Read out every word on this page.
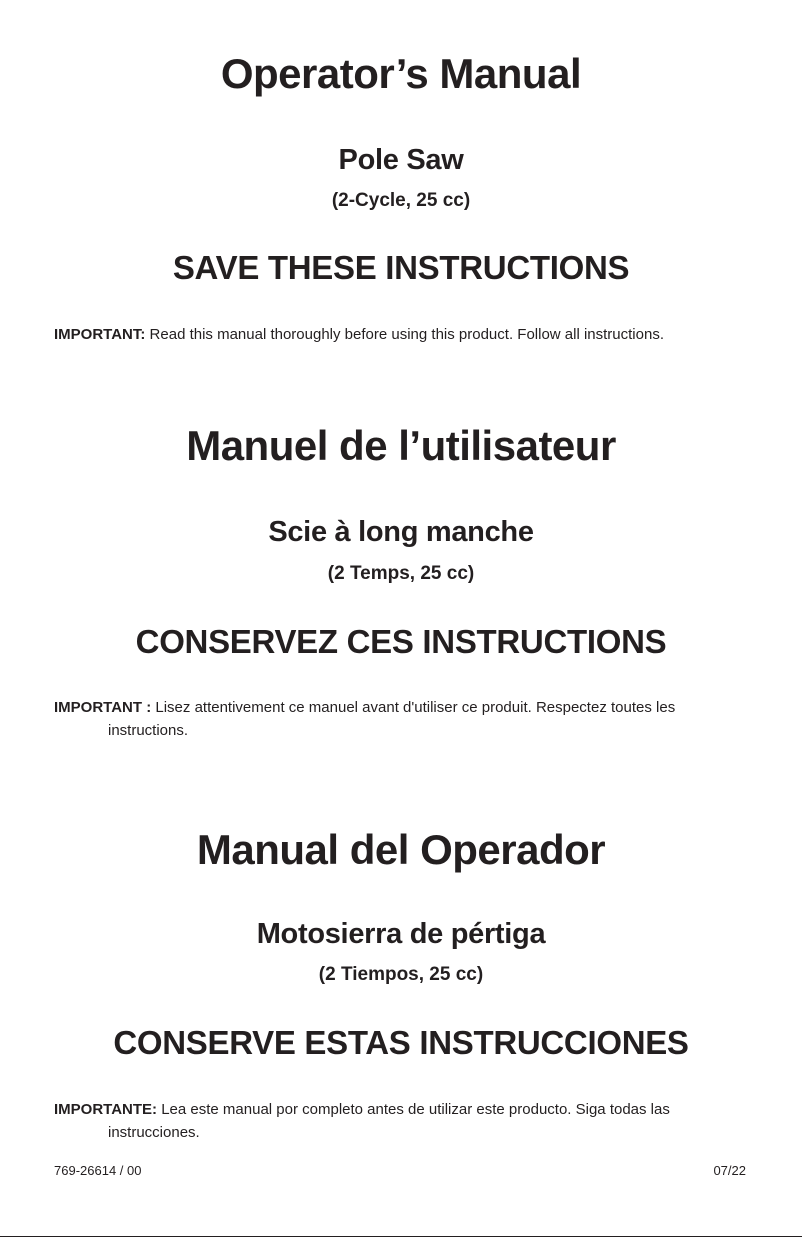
Operator’s Manual
Pole Saw
(2-Cycle, 25 cc)
SAVE THESE INSTRUCTIONS
IMPORTANT: Read this manual thoroughly before using this product. Follow all instructions.
Manuel de l’utilisateur
Scie à long manche
(2 Temps, 25 cc)
CONSERVEZ CES INSTRUCTIONS
IMPORTANT : Lisez attentivement ce manuel avant d'utiliser ce produit. Respectez toutes les instructions.
Manual del Operador
Motosierra de pértiga
(2 Tiempos, 25 cc)
CONSERVE ESTAS INSTRUCCIONES
IMPORTANTE: Lea este manual por completo antes de utilizar este producto. Siga todas las instrucciones.
769-26614 / 00	07/22
